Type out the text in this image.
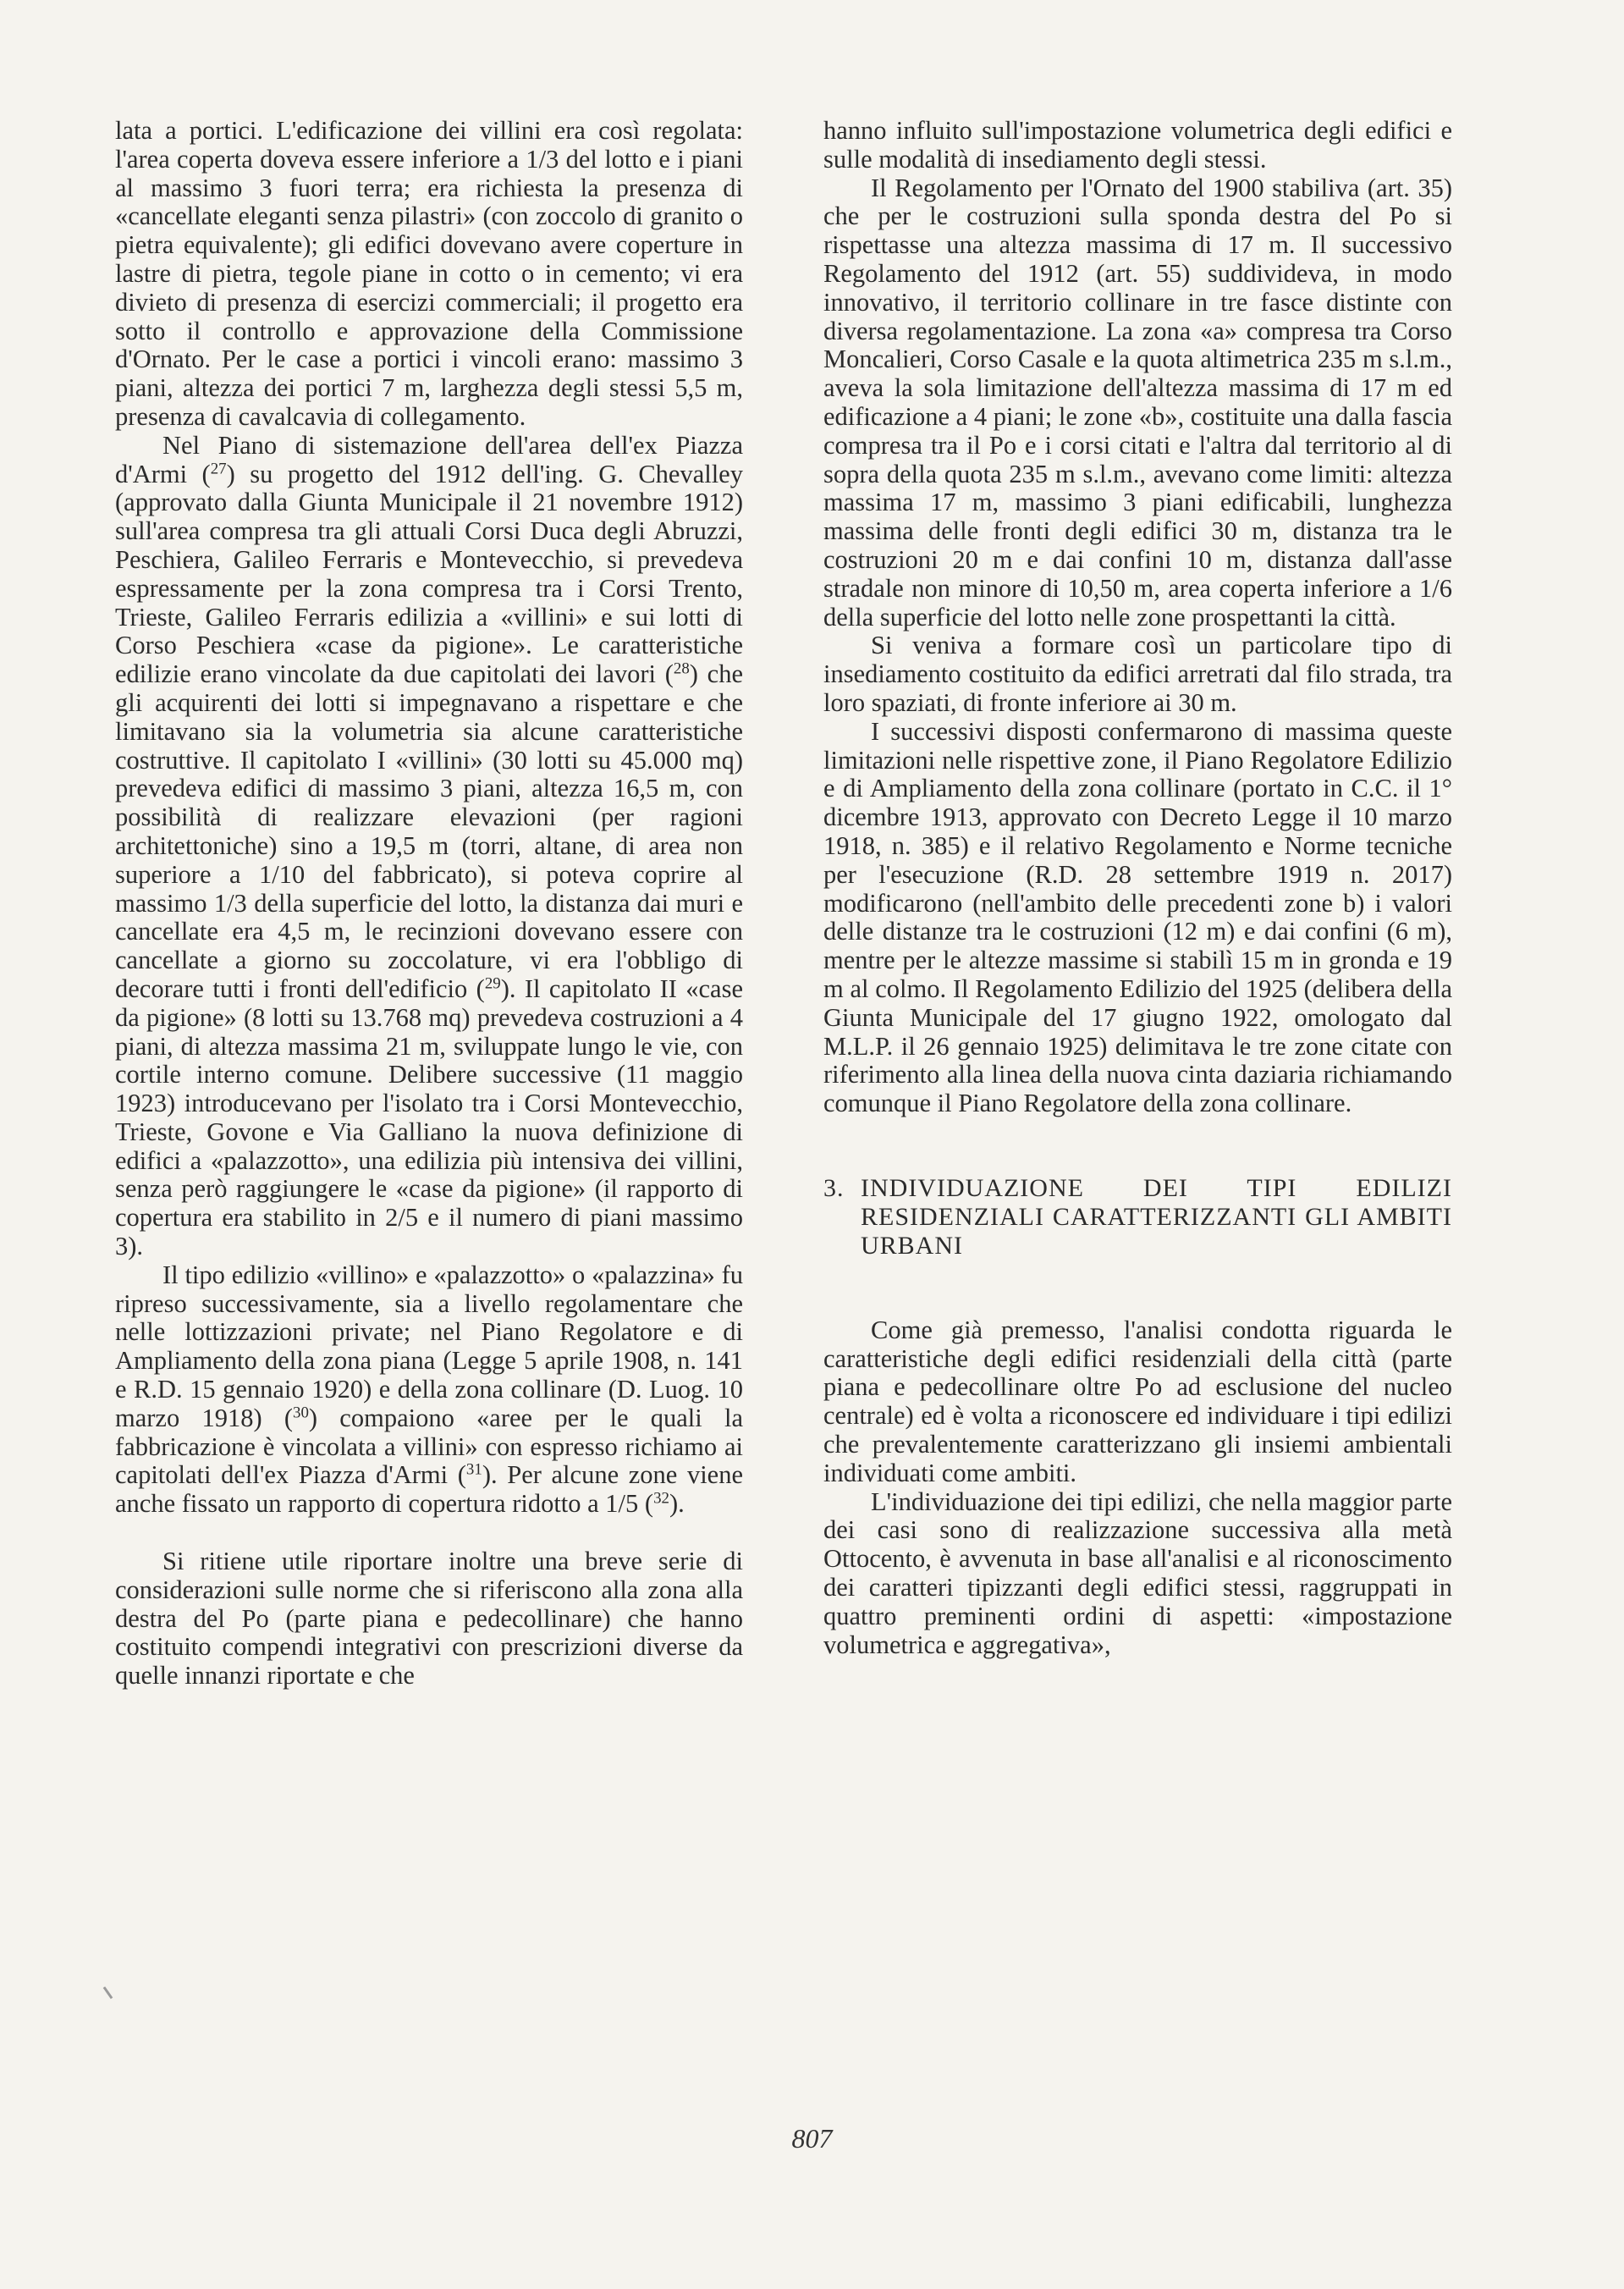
lata a portici. L'edificazione dei villini era così regolata: l'area coperta doveva essere inferiore a 1/3 del lotto e i piani al massimo 3 fuori terra; era richiesta la presenza di «cancellate eleganti senza pilastri» (con zoccolo di granito o pietra equivalente); gli edifici dovevano avere coperture in lastre di pietra, tegole piane in cotto o in cemento; vi era divieto di presenza di esercizi commerciali; il progetto era sotto il controllo e approvazione della Commissione d'Ornato. Per le case a portici i vincoli erano: massimo 3 piani, altezza dei portici 7 m, larghezza degli stessi 5,5 m, presenza di cavalcavia di collegamento.

Nel Piano di sistemazione dell'area dell'ex Piazza d'Armi ($^{27}$) su progetto del 1912 dell'ing. G. Chevalley (approvato dalla Giunta Municipale il 21 novembre 1912) sull'area compresa tra gli attuali Corsi Duca degli Abruzzi, Peschiera, Galileo Ferraris e Montevecchio, si prevedeva espressamente per la zona compresa tra i Corsi Trento, Trieste, Galileo Ferraris edilizia a «villini» e sui lotti di Corso Peschiera «case da pigione». Le caratteristiche edilizie erano vincolate da due capitolati dei lavori ($^{28}$) che gli acquirenti dei lotti si impegnavano a rispettare e che limitavano sia la volumetria sia alcune caratteristiche costruttive. Il capitolato I «villini» (30 lotti su 45.000 mq) prevedeva edifici di massimo 3 piani, altezza 16,5 m, con possibilità di realizzare elevazioni (per ragioni architettoniche) sino a 19,5 m (torri, altane, di area non superiore a 1/10 del fabbricato), si poteva coprire al massimo 1/3 della superficie del lotto, la distanza dai muri e cancellate era 4,5 m, le recinzioni dovevano essere con cancellate a giorno su zoccolature, vi era l'obbligo di decorare tutti i fronti dell'edificio ($^{29}$). Il capitolato II «case da pigione» (8 lotti su 13.768 mq) prevedeva costruzioni a 4 piani, di altezza massima 21 m, sviluppate lungo le vie, con cortile interno comune. Delibere successive (11 maggio 1923) introducevano per l'isolato tra i Corsi Montevecchio, Trieste, Govone e Via Galliano la nuova definizione di edifici a «palazzotto», una edilizia più intensiva dei villini, senza però raggiungere le «case da pigione» (il rapporto di copertura era stabilito in 2/5 e il numero di piani massimo 3).

Il tipo edilizio «villino» e «palazzotto» o «palazzina» fu ripreso successivamente, sia a livello regolamentare che nelle lottizzazioni private; nel Piano Regolatore e di Ampliamento della zona piana (Legge 5 aprile 1908, n. 141 e R.D. 15 gennaio 1920) e della zona collinare (D. Luog. 10 marzo 1918) ($^{30}$) compaiono «aree per le quali la fabbricazione è vincolata a villini» con espresso richiamo ai capitolati dell'ex Piazza d'Armi ($^{31}$). Per alcune zone viene anche fissato un rapporto di copertura ridotto a 1/5 ($^{32}$).

Si ritiene utile riportare inoltre una breve serie di considerazioni sulle norme che si riferiscono alla zona alla destra del Po (parte piana e pedecollinare) che hanno costituito compendi integrativi con prescrizioni diverse da quelle innanzi riportate e che

hanno influito sull'impostazione volumetrica degli edifici e sulle modalità di insediamento degli stessi.

Il Regolamento per l'Ornato del 1900 stabiliva (art. 35) che per le costruzioni sulla sponda destra del Po si rispettasse una altezza massima di 17 m. Il successivo Regolamento del 1912 (art. 55) suddivideva, in modo innovativo, il territorio collinare in tre fasce distinte con diversa regolamentazione. La zona «a» compresa tra Corso Moncalieri, Corso Casale e la quota altimetrica 235 m s.l.m., aveva la sola limitazione dell'altezza massima di 17 m ed edificazione a 4 piani; le zone «b», costituite una dalla fascia compresa tra il Po e i corsi citati e l'altra dal territorio al di sopra della quota 235 m s.l.m., avevano come limiti: altezza massima 17 m, massimo 3 piani edificabili, lunghezza massima delle fronti degli edifici 30 m, distanza tra le costruzioni 20 m e dai confini 10 m, distanza dall'asse stradale non minore di 10,50 m, area coperta inferiore a 1/6 della superficie del lotto nelle zone prospettanti la città.

Si veniva a formare così un particolare tipo di insediamento costituito da edifici arretrati dal filo strada, tra loro spaziati, di fronte inferiore ai 30 m.

I successivi disposti confermarono di massima queste limitazioni nelle rispettive zone, il Piano Regolatore Edilizio e di Ampliamento della zona collinare (portato in C.C. il 1° dicembre 1913, approvato con Decreto Legge il 10 marzo 1918, n. 385) e il relativo Regolamento e Norme tecniche per l'esecuzione (R.D. 28 settembre 1919 n. 2017) modificarono (nell'ambito delle precedenti zone b) i valori delle distanze tra le costruzioni (12 m) e dai confini (6 m), mentre per le altezze massime si stabilì 15 m in gronda e 19 m al colmo. Il Regolamento Edilizio del 1925 (delibera della Giunta Municipale del 17 giugno 1922, omologato dal M.L.P. il 26 gennaio 1925) delimitava le tre zone citate con riferimento alla linea della nuova cinta daziaria richiamando comunque il Piano Regolatore della zona collinare.

3. INDIVIDUAZIONE DEI TIPI EDILIZI RESIDENZIALI CARATTERIZZANTI GLI AMBITI URBANI

Come già premesso, l'analisi condotta riguarda le caratteristiche degli edifici residenziali della città (parte piana e pedecollinare oltre Po ad esclusione del nucleo centrale) ed è volta a riconoscere ed individuare i tipi edilizi che prevalentemente caratterizzano gli insiemi ambientali individuati come ambiti.

L'individuazione dei tipi edilizi, che nella maggior parte dei casi sono di realizzazione successiva alla metà Ottocento, è avvenuta in base all'analisi e al riconoscimento dei caratteri tipizzanti degli edifici stessi, raggruppati in quattro preminenti ordini di aspetti: «impostazione volumetrica e aggregativa»,

807
